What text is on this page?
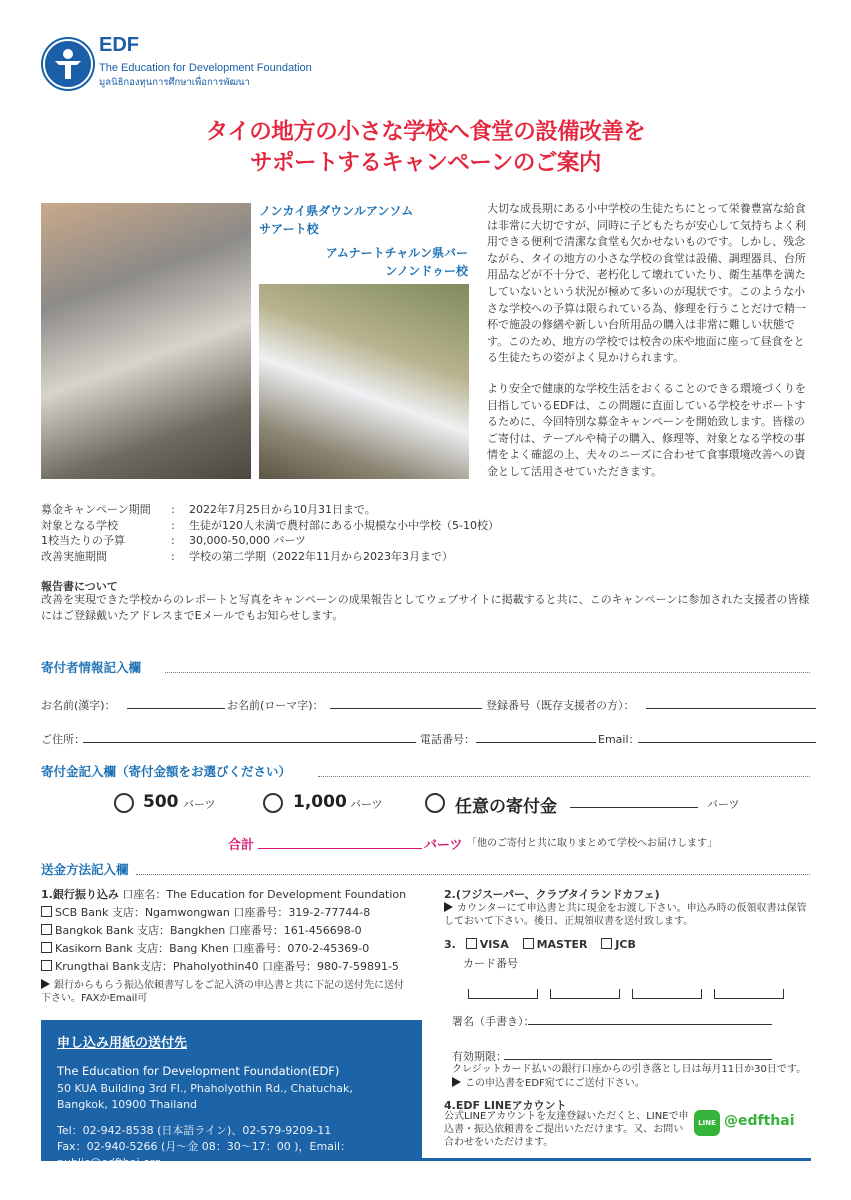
EDF
The Education for Development Foundation
มูลนิธิกองทุนการศึกษาเพื่อการพัฒนา
タイの地方の小さな学校へ食堂の設備改善を
サポートするキャンペーンのご案内
ノンカイ県ダウンルアンソム
サアート校
アムナートチャルン県バー
ンノンドゥー校

大切な成長期にある小中学校の生徒たちにとって栄養豊富な給食は非常に大切ですが、同時に子どもたちが安心して気持ちよく利用できる便利で清潔な食堂も欠かせないものです。しかし、残念ながら、タイの地方の小さな学校の食堂は設備、調理器具、台所用品などが不十分で、老朽化して壊れていたり、衛生基準を満たしていないという状況が極めて多いのが現状です。このような小さな学校への予算は限られている為、修理を行うことだけで精一杯で施設の修繕や新しい台所用品の購入は非常に難しい状態です。このため、地方の学校では校舎の床や地面に座って昼食をとる生徒たちの姿がよく見かけられます。

より安全で健康的な学校生活をおくることのできる環境づくりを目指しているEDFは、この問題に直面している学校をサポートするために、今回特別な募金キャンペーンを開始致します。皆様のご寄付は、テーブルや椅子の購入、修理等、対象となる学校の事情をよく確認の上、夫々のニーズに合わせて食事環境改善への資金として活用させていただきます。

募金キャンペーン期間	:	2022年7月25日から10月31日まで。
対象となる学校	:	生徒が120人未満で農村部にある小規模な小中学校（5-10校）
1校当たりの予算	:	30,000-50,000 バーツ
改善実施期間	:	学校の第二学期（2022年11月から2023年3月まで）
報告書について
改善を実現できた学校からのレポートと写真をキャンペーンの成果報告としてウェブサイトに掲載すると共に、このキャンペーンに参加された支援者の皆様にはご登録戴いたアドレスまでEメールでもお知らせします。
寄付者情報記入欄
お名前(漢字)：	お名前(ローマ字)：	登録番号（既存支援者の方）：
ご住所：	電話番号：	Email：
寄付金記入欄（寄付金額をお選びください）
500 バーツ	1,000 バーツ	任意の寄付金	バーツ
合計	バーツ 「他のご寄付と共に取りまとめて学校へお届けします」
送金方法記入欄
1.銀行振り込み 口座名：The Education for Development Foundation
SCB Bank 支店：Ngamwongwan 口座番号：319-2-77744-8
Bangkok Bank 支店：Bangkhen 口座番号：161-456698-0
Kasikorn Bank 支店：Bang Khen 口座番号：070-2-45369-0
Krungthai Bank支店：Phaholyothin40 口座番号：980-7-59891-5
銀行からもらう振込依頼書写しをご記入済の申込書と共に下記の送付先に送付下さい。FAXかEmail可
2.(フジスーパー、クラブタイランドカフェ)
カウンターにて申込書と共に現金をお渡し下さい。申込み時の仮領収書は保管しておいて下さい。後日、正規領収書を送付致します。
3. VISA	MASTER	JCB
カード番号
署名（手書き）：
有効期限：
クレジットカード払いの銀行口座からの引き落とし日は毎月11日か30日です。
この申込書をEDF宛てにご送付下さい。
4.EDF LINEアカウント
公式LINEアカウントを友達登録いただくと、LINEで申込書・振込依頼書をご提出いただけます。又、お問い合わせをいただけます。
LINE @edfthai
申し込み用紙の送付先
The Education for Development Foundation(EDF)
50 KUA Building 3rd Fl., Phaholyothin Rd., Chatuchak,
Bangkok, 10900 Thailand
Tel：02-942-8538 (日本語ライン)、02-579-9209-11
Fax：02-940-5266 (月～金 08：30～17：00 )，Email：public@edfthai.org
